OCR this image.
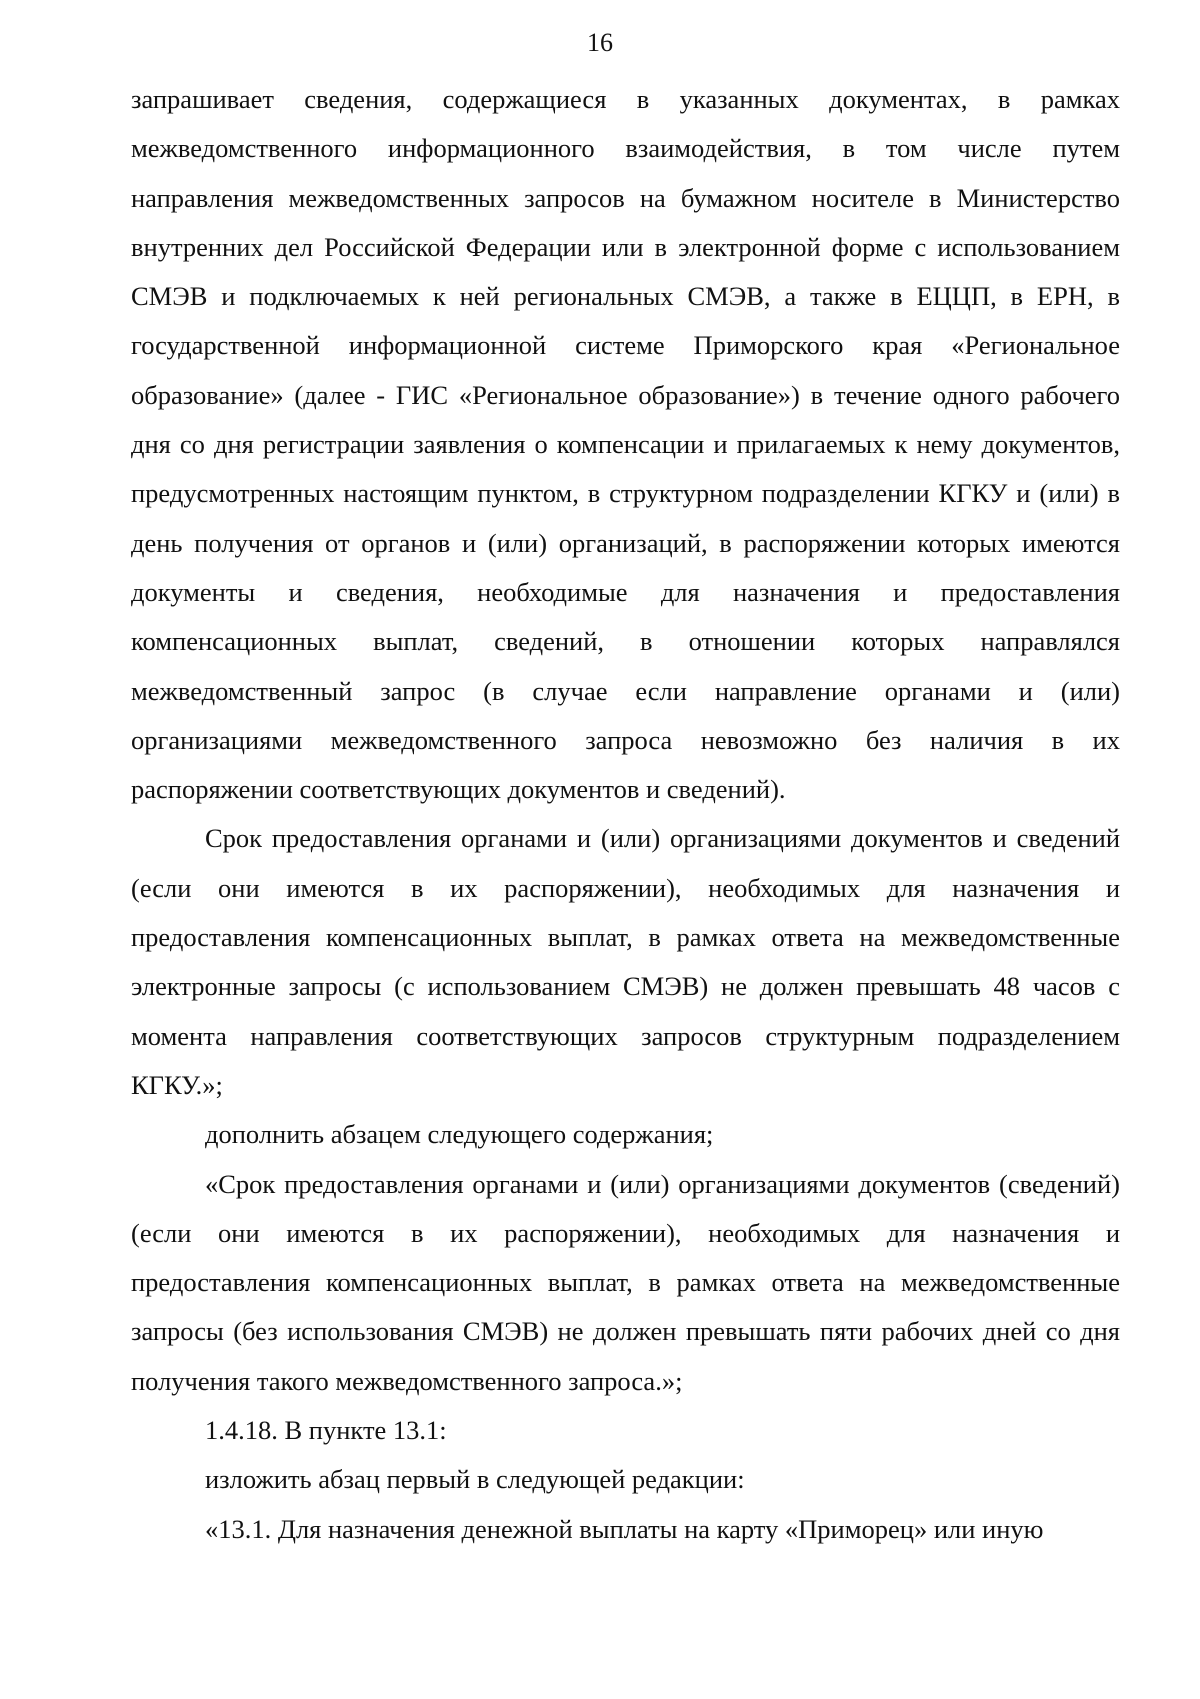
16

запрашивает сведения, содержащиеся в указанных документах, в рамках межведомственного информационного взаимодействия, в том числе путем направления межведомственных запросов на бумажном носителе в Министерство внутренних дел Российской Федерации или в электронной форме с использованием СМЭВ и подключаемых к ней региональных СМЭВ, а также в ЕЦЦП, в ЕРН, в государственной информационной системе Приморского края «Региональное образование» (далее - ГИС «Региональное образование») в течение одного рабочего дня со дня регистрации заявления о компенсации и прилагаемых к нему документов, предусмотренных настоящим пунктом, в структурном подразделении КГКУ и (или) в день получения от органов и (или) организаций, в распоряжении которых имеются документы и сведения, необходимые для назначения и предоставления компенсационных выплат, сведений, в отношении которых направлялся межведомственный запрос (в случае если направление органами и (или) организациями межведомственного запроса невозможно без наличия в их распоряжении соответствующих документов и сведений).

Срок предоставления органами и (или) организациями документов и сведений (если они имеются в их распоряжении), необходимых для назначения и предоставления компенсационных выплат, в рамках ответа на межведомственные электронные запросы (с использованием СМЭВ) не должен превышать 48 часов с момента направления соответствующих запросов структурным подразделением КГКУ.»;

дополнить абзацем следующего содержания;

«Срок предоставления органами и (или) организациями документов (сведений) (если они имеются в их распоряжении), необходимых для назначения и предоставления компенсационных выплат, в рамках ответа на межведомственные запросы (без использования СМЭВ) не должен превышать пяти рабочих дней со дня получения такого межведомственного запроса.»;

1.4.18. В пункте 13.1:

изложить абзац первый в следующей редакции:

«13.1. Для назначения денежной выплаты на карту «Приморец» или иную
